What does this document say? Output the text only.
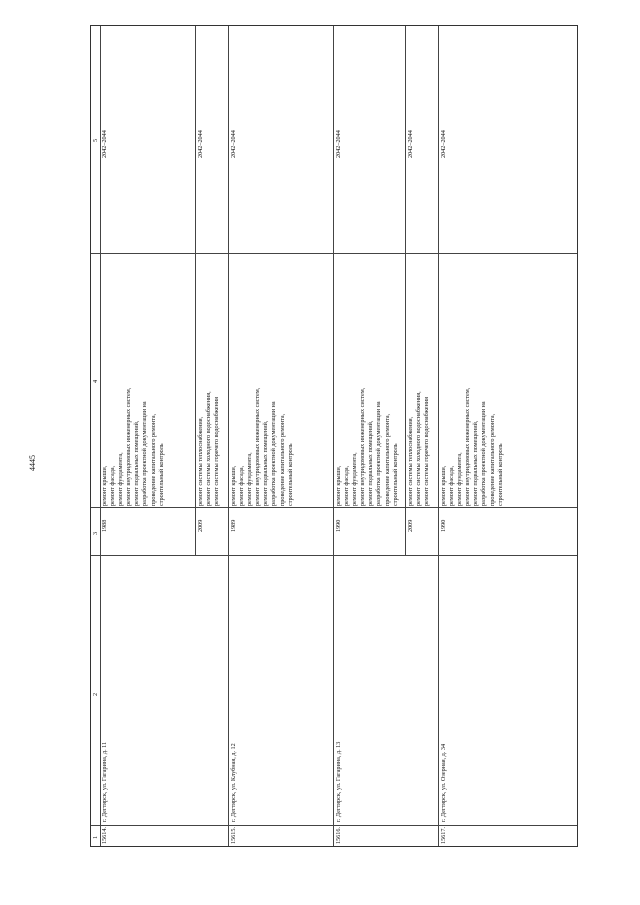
4445
1
2
3
4
5
15614.
г. Дегтярск, ул. Гагарина, д. 11
1988
ремонт крыши, ремонт фасада, ремонт фундамента, ремонт внутридомовых инженерных систем, ремонт подвальных помещений, разработка проектной документации на проведение капитального ремонта, строительный контроль
2042–2044
2009
ремонт системы теплоснабжения, ремонт системы холодного водоснабжения, ремонт системы горячего водоснабжения
2042–2044
15615.
г. Дегтярск, ул. Клубная, д. 12
1989
ремонт крыши, ремонт фасада, ремонт фундамента, ремонт внутридомовых инженерных систем, ремонт подвальных помещений, разработка проектной документации на проведение капитального ремонта, строительный контроль
2042–2044
15616.
г. Дегтярск, ул. Гагарина, д. 13
1990
ремонт крыши, ремонт фасада, ремонт фундамента, ремонт внутридомовых инженерных систем, ремонт подвальных помещений, разработка проектной документации на проведение капитального ремонта, строительный контроль
2042–2044
2009
ремонт системы теплоснабжения, ремонт системы холодного водоснабжения, ремонт системы горячего водоснабжения
2042–2044
15617.
г. Дегтярск, ул. Озерная, д. 34
1990
ремонт крыши, ремонт фасада, ремонт фундамента, ремонт внутридомовых инженерных систем, ремонт подвальных помещений, разработка проектной документации на проведение капитального ремонта, строительный контроль
2042–2044
